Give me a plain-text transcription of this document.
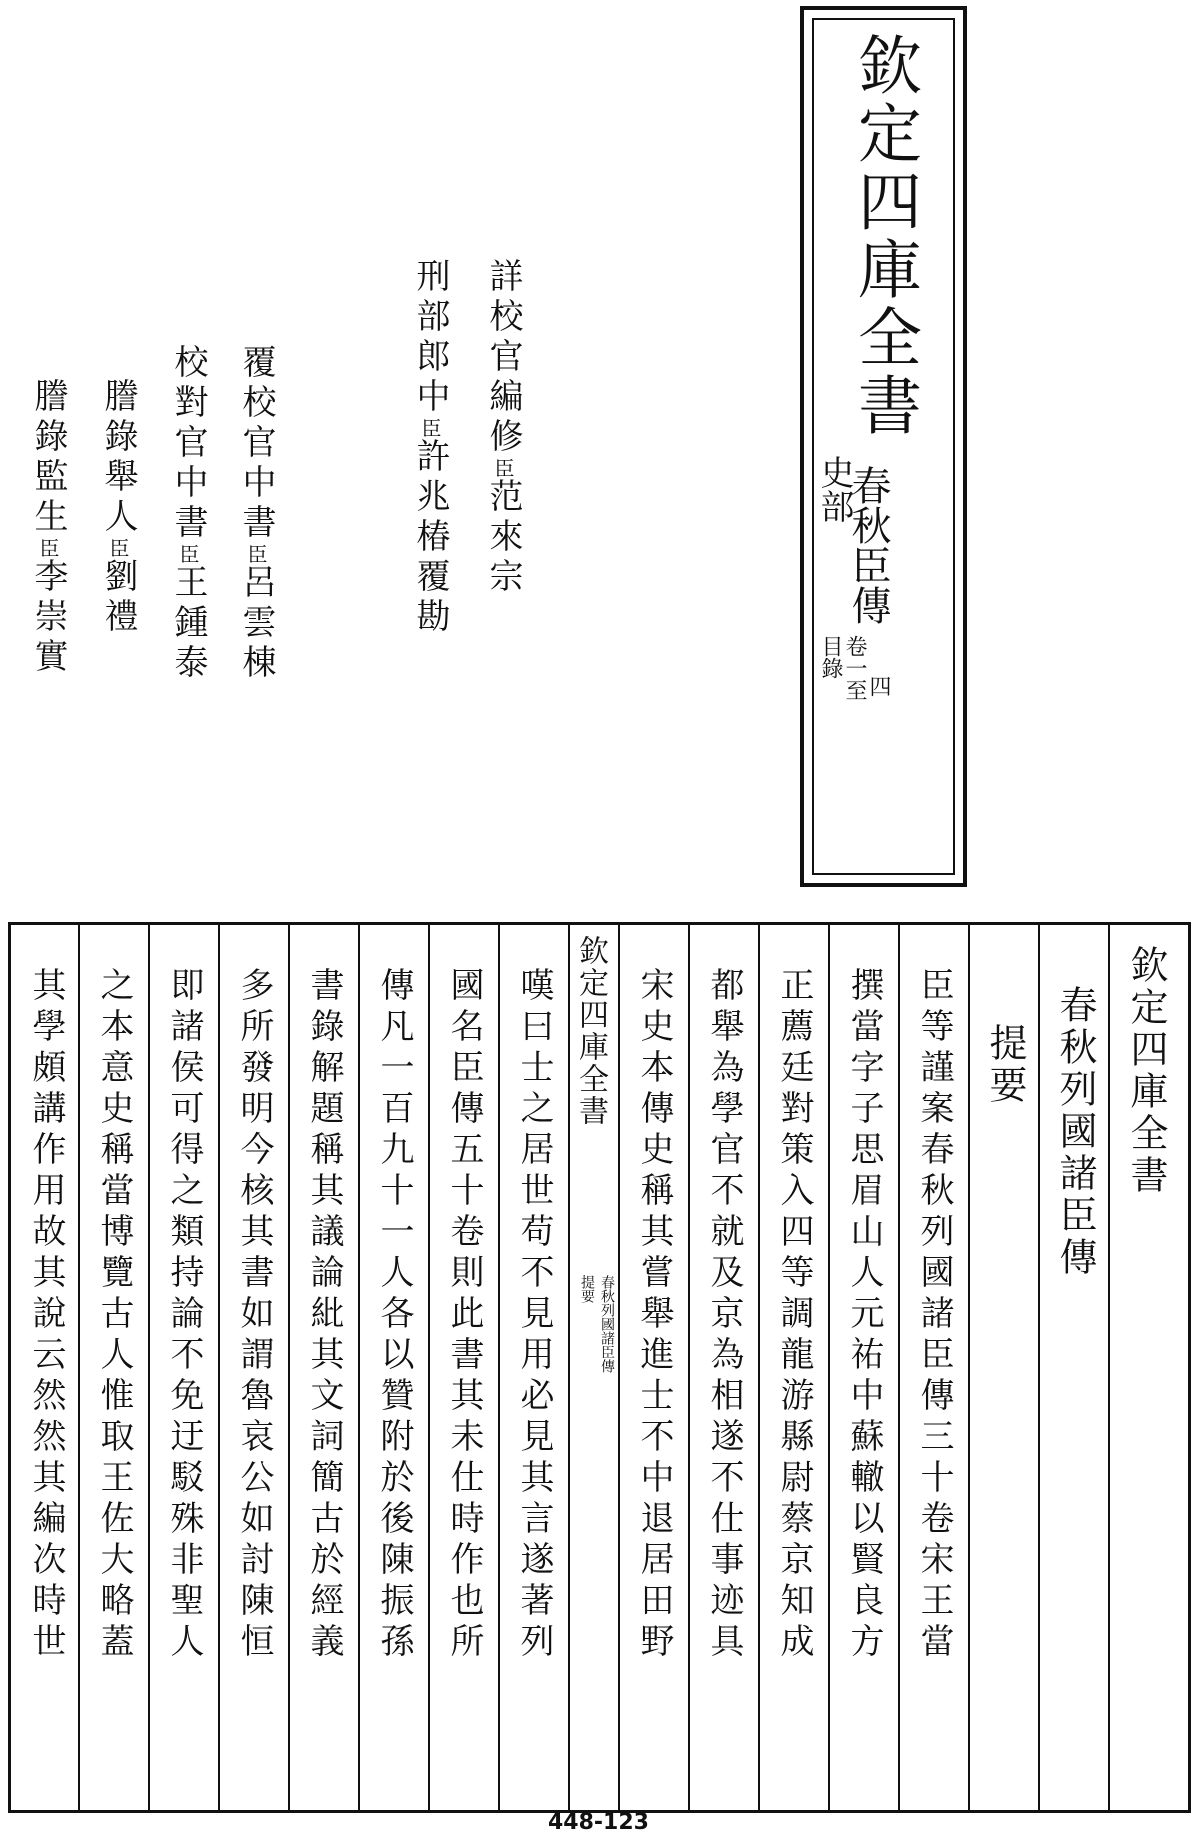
欽定四庫全書
史部
春秋臣傳
目錄 卷一至 四
詳校官編修臣范來宗
刑部郎中臣許兆椿覆勘
覆校官中書臣呂雲棟
校對官中書臣王鍾泰
謄錄舉人臣劉禮
謄錄監生臣李崇實
欽定四庫全書
春秋列國諸臣傳
提要
臣等謹案春秋列國諸臣傳三十卷宋王當
撰當字子思眉山人元祐中蘇轍以賢良方
正薦廷對策入四等調龍游縣尉蔡京知成
都舉為學官不就及京為相遂不仕事迹具
宋史本傳史稱其嘗舉進士不中退居田野
欽定四庫全書
春秋列國諸臣傳
提要
嘆曰士之居世苟不見用必見其言遂著列
國名臣傳五十卷則此書其未仕時作也所
傳凡一百九十一人各以贊附於後陳振孫
書錄解題稱其議論紕其文詞簡古於經義
多所發明今核其書如謂魯哀公如討陳恒
即諸侯可得之類持論不免迂駁殊非聖人
之本意史稱當博覽古人惟取王佐大略蓋
其學頗講作用故其說云然然其編次時世
448-123
